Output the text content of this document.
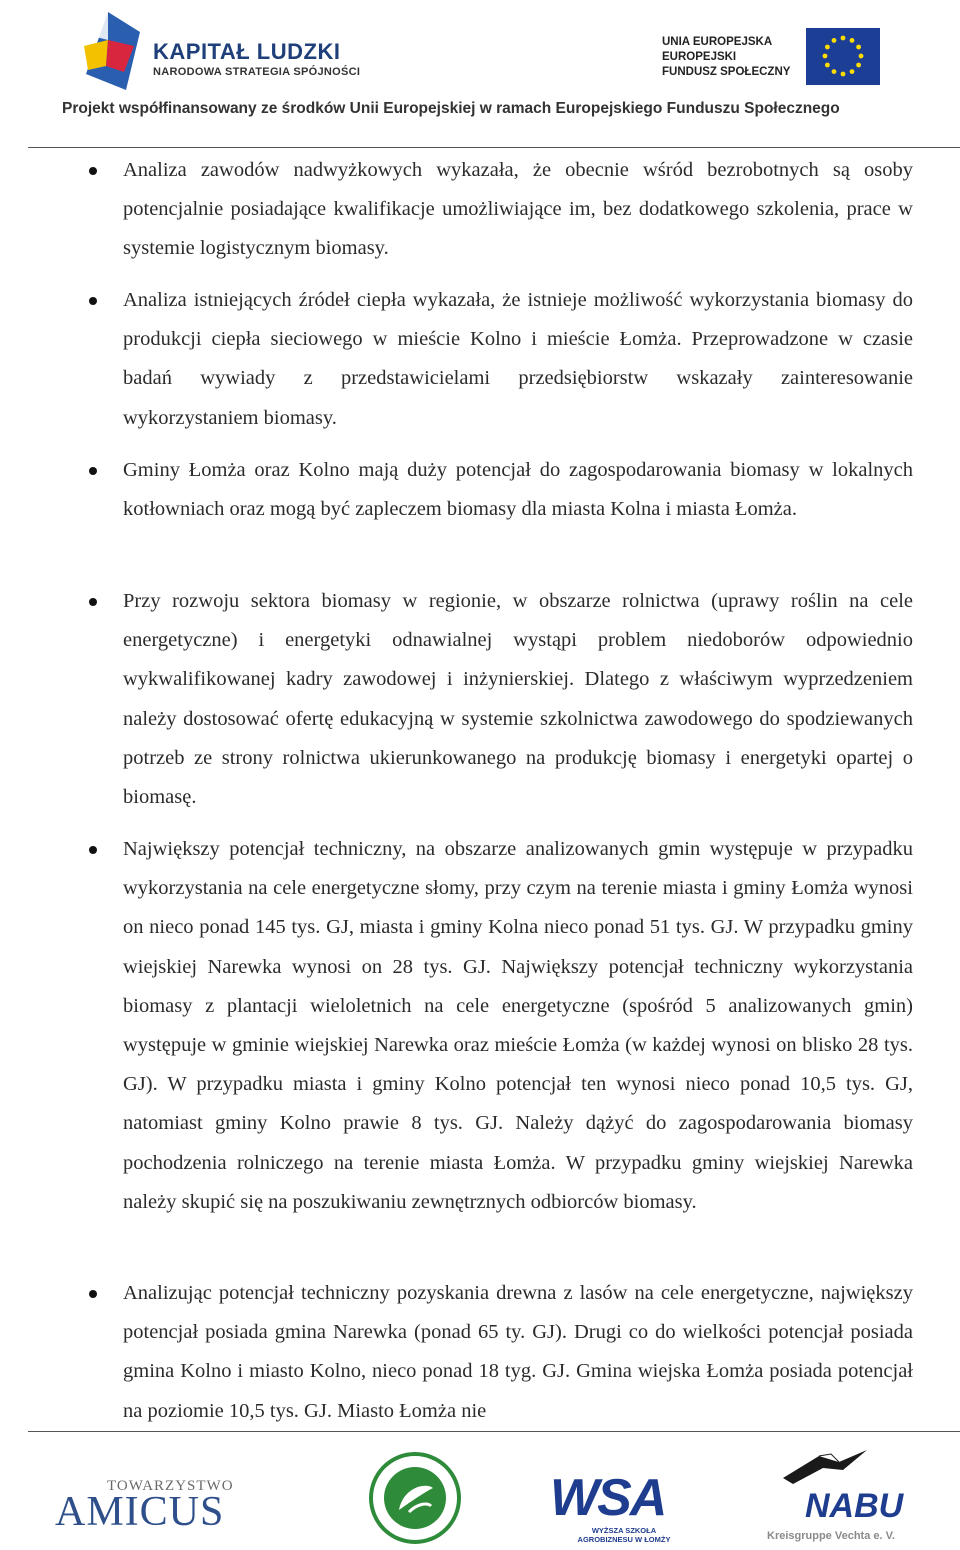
KAPITAŁ LUDZKI
NARODOWA STRATEGIA SPÓJNOŚCI
UNIA EUROPEJSKA
EUROPEJSKI
FUNDUSZ SPOŁECZNY
Projekt współfinansowany ze środków Unii Europejskiej w ramach Europejskiego Funduszu Społecznego
Analiza zawodów nadwyżkowych wykazała, że obecnie wśród bezrobotnych są osoby potencjalnie posiadające kwalifikacje umożliwiające im, bez dodatkowego szkolenia, prace w systemie logistycznym biomasy.
Analiza istniejących źródeł ciepła wykazała, że istnieje możliwość wykorzystania biomasy do produkcji ciepła sieciowego w mieście Kolno i mieście Łomża. Przeprowadzone w czasie badań wywiady z przedstawicielami przedsiębiorstw wskazały zainteresowanie wykorzystaniem biomasy.
Gminy Łomża oraz Kolno mają duży potencjał do zagospodarowania biomasy w lokalnych kotłowniach oraz mogą być zapleczem biomasy dla miasta Kolna i miasta Łomża.
Przy rozwoju sektora biomasy w regionie, w obszarze rolnictwa (uprawy roślin na cele energetyczne) i energetyki odnawialnej wystąpi problem niedoborów odpowiednio wykwalifikowanej kadry zawodowej i inżynierskiej. Dlatego z właściwym wyprzedzeniem należy dostosować ofertę edukacyjną w systemie szkolnictwa zawodowego do spodziewanych potrzeb ze strony rolnictwa ukierunkowanego na produkcję biomasy i energetyki opartej o biomasę.
Największy potencjał techniczny, na obszarze analizowanych gmin występuje w przypadku wykorzystania na cele energetyczne słomy, przy czym na terenie miasta i gminy Łomża wynosi on nieco ponad 145 tys. GJ, miasta i gminy Kolna nieco ponad 51 tys. GJ. W przypadku gminy wiejskiej Narewka wynosi on 28 tys. GJ. Największy potencjał techniczny wykorzystania biomasy z plantacji wieloletnich na cele energetyczne (spośród 5 analizowanych gmin) występuje w gminie wiejskiej Narewka oraz mieście Łomża (w każdej wynosi on blisko 28 tys. GJ). W przypadku miasta i gminy Kolno potencjał ten wynosi nieco ponad 10,5 tys. GJ, natomiast gminy Kolno prawie 8 tys. GJ. Należy dążyć do zagospodarowania biomasy pochodzenia rolniczego na terenie miasta Łomża. W przypadku gminy wiejskiej Narewka należy skupić się na poszukiwaniu zewnętrznych odbiorców biomasy.
Analizując potencjał techniczny pozyskania drewna z lasów na cele energetyczne, największy potencjał posiada gmina Narewka (ponad 65 ty. GJ). Drugi co do wielkości potencjał posiada gmina Kolno i miasto Kolno, nieco ponad 18 tyg. GJ. Gmina wiejska Łomża posiada potencjał na poziomie 10,5 tys. GJ. Miasto Łomża nie
TOWARZYSTWO
AMICUS	WSA
WYŻSZA SZKOŁA AGROBIZNESU W ŁOMŻY
NABU
Kreisgruppe Vechta e. V.
